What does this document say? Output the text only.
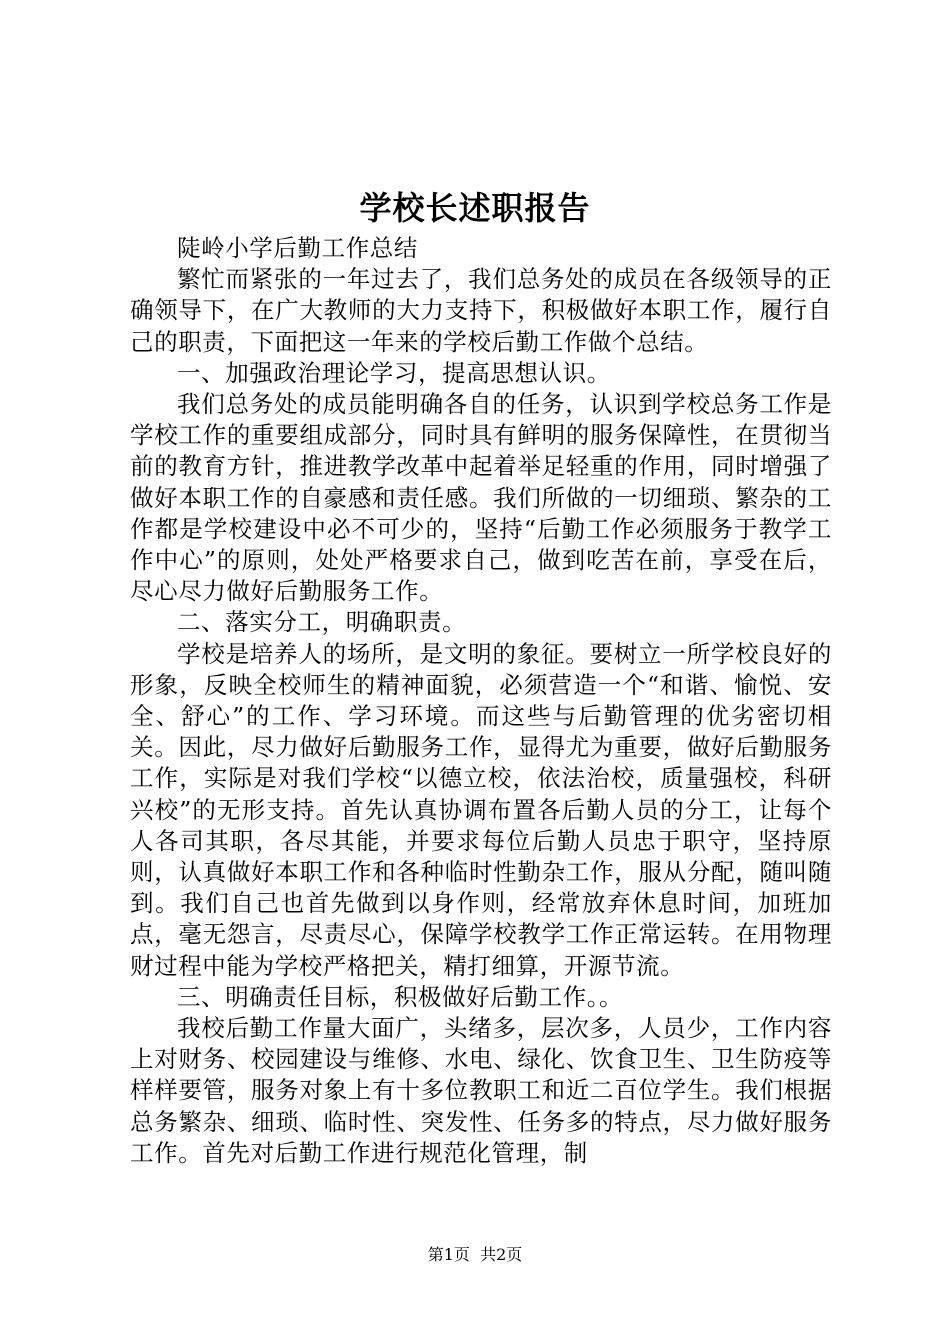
学校长述职报告

陡岭小学后勤工作总结

繁忙而紧张的一年过去了，我们总务处的成员在各级领导的正确领导下，在广大教师的大力支持下，积极做好本职工作，履行自己的职责，下面把这一年来的学校后勤工作做个总结。

一、加强政治理论学习，提高思想认识。

我们总务处的成员能明确各自的任务，认识到学校总务工作是学校工作的重要组成部分，同时具有鲜明的服务保障性，在贯彻当前的教育方针，推进教学改革中起着举足轻重的作用，同时增强了做好本职工作的自豪感和责任感。我们所做的一切细琐、繁杂的工作都是学校建设中必不可少的，坚持“后勤工作必须服务于教学工作中心”的原则，处处严格要求自己，做到吃苦在前，享受在后，尽心尽力做好后勤服务工作。

二、落实分工，明确职责。

学校是培养人的场所，是文明的象征。要树立一所学校良好的形象，反映全校师生的精神面貌，必须营造一个“和谐、愉悦、安全、舒心”的工作、学习环境。而这些与后勤管理的优劣密切相关。因此，尽力做好后勤服务工作，显得尤为重要，做好后勤服务工作，实际是对我们学校“以德立校，依法治校，质量强校，科研兴校”的无形支持。首先认真协调布置各后勤人员的分工，让每个人各司其职，各尽其能，并要求每位后勤人员忠于职守，坚持原则，认真做好本职工作和各种临时性勤杂工作，服从分配，随叫随到。我们自己也首先做到以身作则，经常放弃休息时间，加班加点，毫无怨言，尽责尽心，保障学校教学工作正常运转。在用物理财过程中能为学校严格把关，精打细算，开源节流。

三、明确责任目标，积极做好后勤工作。。

我校后勤工作量大面广，头绪多，层次多，人员少，工作内容上对财务、校园建设与维修、水电、绿化、饮食卫生、卫生防疫等样样要管，服务对象上有十多位教职工和近二百位学生。我们根据总务繁杂、细琐、临时性、突发性、任务多的特点，尽力做好服务工作。首先对后勤工作进行规范化管理，制

第1页  共2页
